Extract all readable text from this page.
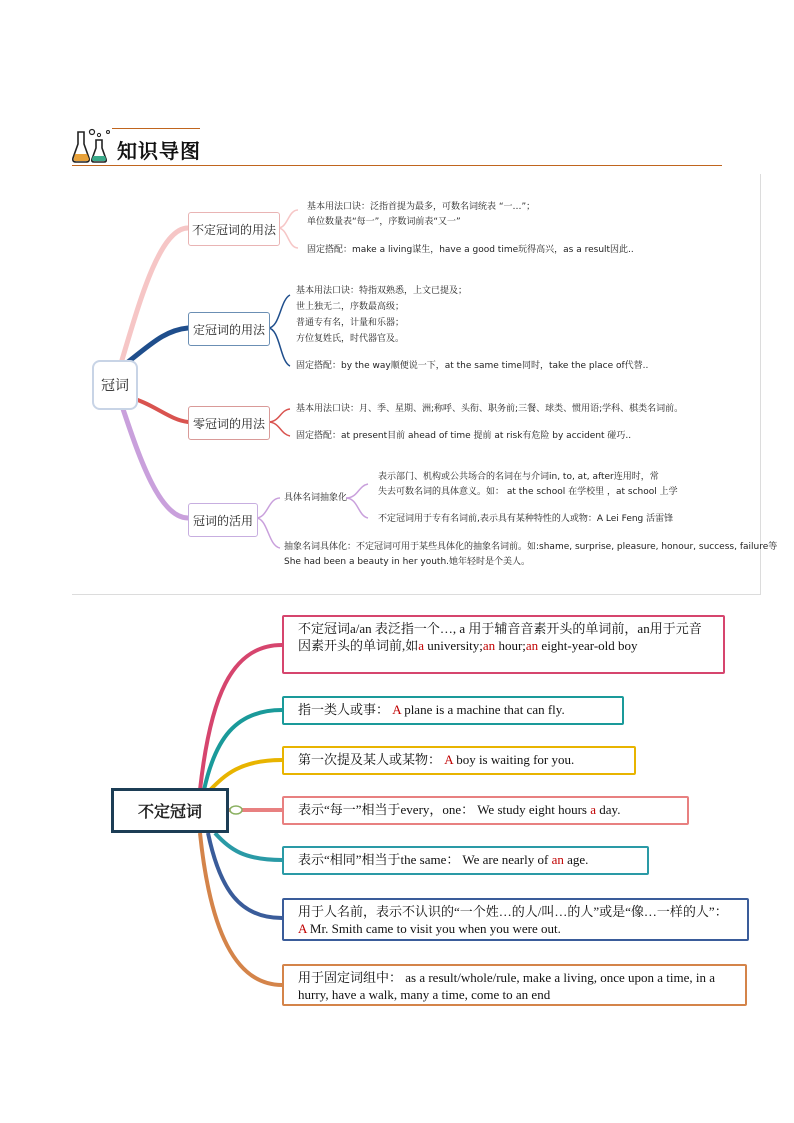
知识导图
冠词
不定冠词的用法
基本用法口诀：泛指首提为最多，可数名词统表 “一…”；
单位数量表“每一”，序数词前表“又一”
固定搭配：make a living谋生，have a good time玩得高兴，as a result因此..
定冠词的用法
基本用法口诀：特指双熟悉，上文已提及；
世上独无二，序数最高级；
普通专有名，计量和乐器；
方位复姓氏，时代器官及。
固定搭配：by the way顺便说一下，at the same time同时，take the place of代替..
零冠词的用法
基本用法口诀：月、季、星期、洲;称呼、头衔、职务前;三餐、球类、惯用语;学科、棋类名词前。
固定搭配：at present目前 ahead of time 提前 at risk有危险 by accident 碰巧..
冠词的活用
具体名词抽象化
表示部门、机构或公共场合的名词在与介词in, to, at, after连用时，常
失去可数名词的具体意义。如： at the school 在学校里 ，at school 上学
不定冠词用于专有名词前,表示具有某种特性的人或物：A Lei Feng 活雷锋
抽象名词具体化：不定冠词可用于某些具体化的抽象名词前。如:shame, surprise, pleasure, honour, success, failure等
She had been a beauty in her youth.她年轻时是个美人。
不定冠词
不定冠词a/an 表泛指一个…, a 用于辅音音素开头的单词前，an用于元音因素开头的单词前,如a university;an hour;an eight-year-old boy
指一类人或事： A plane is a machine that can fly.
第一次提及某人或某物： A boy is waiting for you.
表示“每一”相当于every，one： We study eight hours a day.
表示“相同”相当于the same： We are nearly of an age.
用于人名前，表示不认识的“一个姓…的人/叫…的人”或是“像…一样的人”： A Mr. Smith came to visit you when you were out.
用于固定词组中： as a result/whole/rule, make a living, once upon a time, in a hurry, have a walk, many a time, come to an end
